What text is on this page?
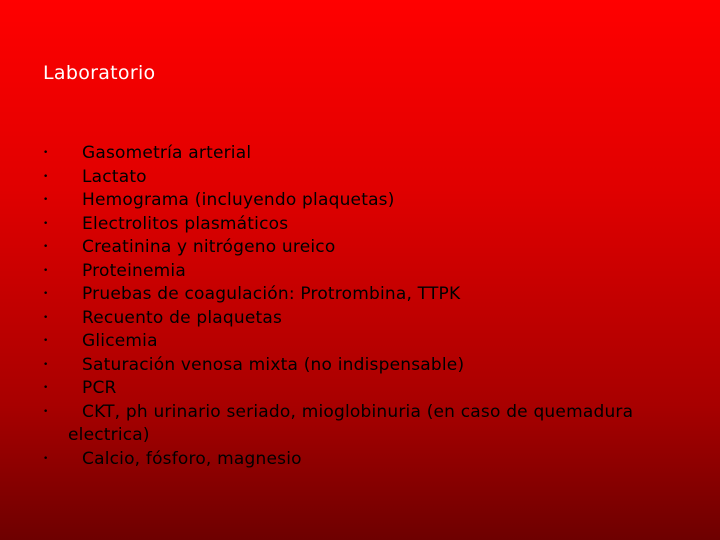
Laboratorio
• Gasometría arterial
• Lactato
• Hemograma (incluyendo plaquetas)
• Electrolitos plasmáticos
• Creatinina y nitrógeno ureico
• Proteinemia
• Pruebas de coagulación: Protrombina, TTPK
• Recuento de plaquetas
• Glicemia
• Saturación venosa mixta (no indispensable)
• PCR
•	CKT, ph urinario seriado, mioglobinuria (en caso de quemadura electrica)
• Calcio, fósforo, magnesio
